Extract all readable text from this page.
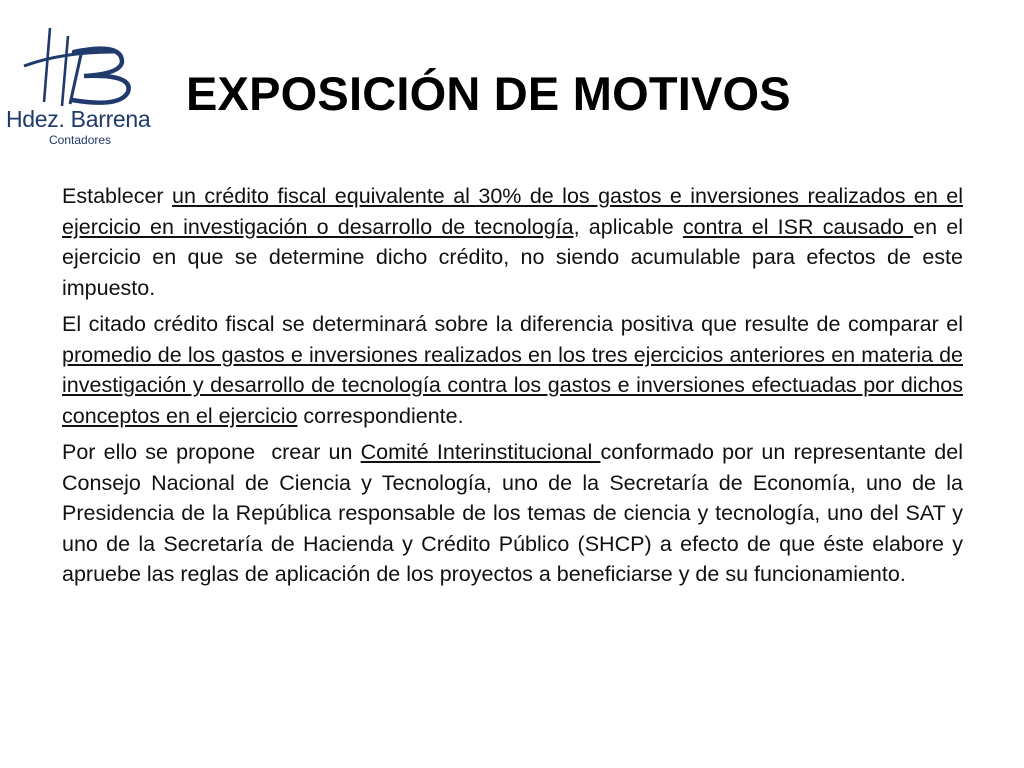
Hdez. Barrena
Contadores
EXPOSICIÓN DE MOTIVOS

Establecer un crédito fiscal equivalente al 30% de los gastos e inversiones realizados en el ejercicio en investigación o desarrollo de tecnología, aplicable contra el ISR causado en el ejercicio en que se determine dicho crédito, no siendo acumulable para efectos de este impuesto.

El citado crédito fiscal se determinará sobre la diferencia positiva que resulte de comparar el promedio de los gastos e inversiones realizados en los tres ejercicios anteriores en materia de investigación y desarrollo de tecnología contra los gastos e inversiones efectuadas por dichos conceptos en el ejercicio correspondiente.

Por ello se propone  crear un Comité Interinstitucional conformado por un representante del Consejo Nacional de Ciencia y Tecnología, uno de la Secretaría de Economía, uno de la Presidencia de la República responsable de los temas de ciencia y tecnología, uno del SAT y uno de la Secretaría de Hacienda y Crédito Público (SHCP) a efecto de que éste elabore y apruebe las reglas de aplicación de los proyectos a beneficiarse y de su funcionamiento.
